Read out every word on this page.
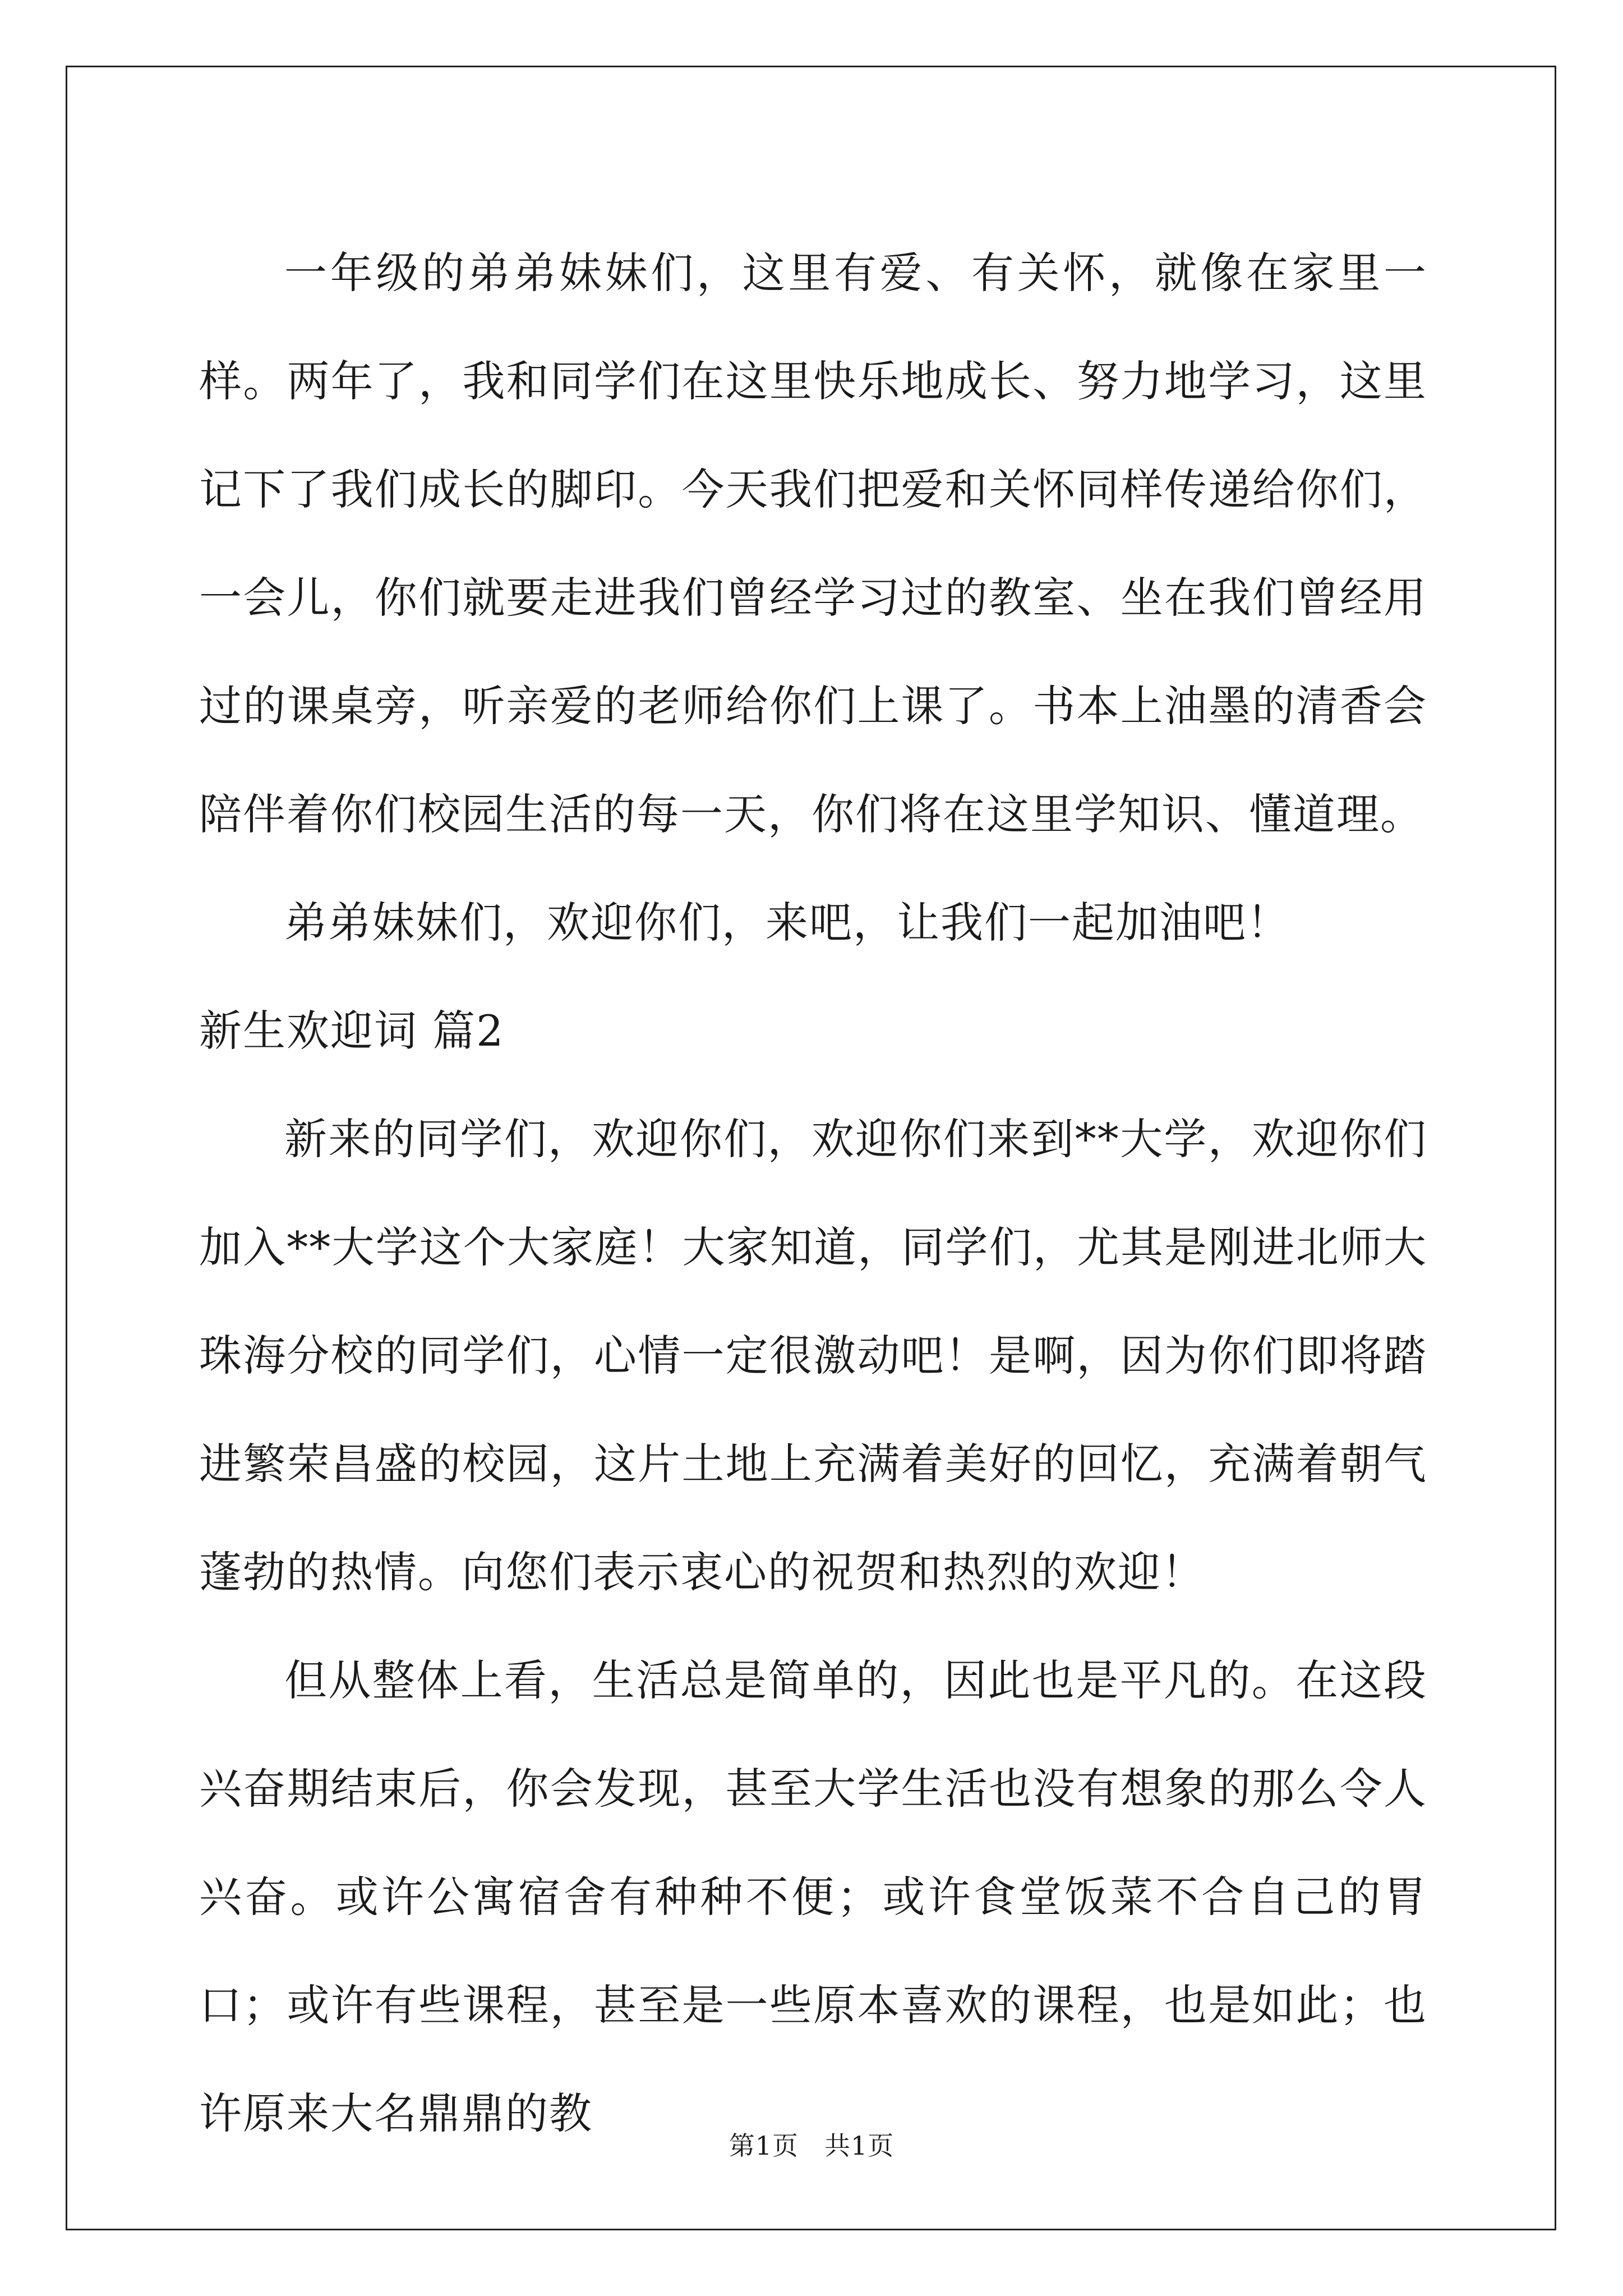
一年级的弟弟妹妹们，这里有爱、有关怀，就像在家里一样。两年了，我和同学们在这里快乐地成长、努力地学习，这里记下了我们成长的脚印。今天我们把爱和关怀同样传递给你们，一会儿，你们就要走进我们曾经学习过的教室、坐在我们曾经用过的课桌旁，听亲爱的老师给你们上课了。书本上油墨的清香会陪伴着你们校园生活的每一天，你们将在这里学知识、懂道理。

弟弟妹妹们，欢迎你们，来吧，让我们一起加油吧！

新生欢迎词 篇2

新来的同学们，欢迎你们，欢迎你们来到**大学，欢迎你们加入**大学这个大家庭！大家知道，同学们，尤其是刚进北师大珠海分校的同学们，心情一定很激动吧！是啊，因为你们即将踏进繁荣昌盛的校园，这片土地上充满着美好的回忆，充满着朝气蓬勃的热情。向您们表示衷心的祝贺和热烈的欢迎！

但从整体上看，生活总是简单的，因此也是平凡的。在这段兴奋期结束后，你会发现，甚至大学生活也没有想象的那么令人兴奋。或许公寓宿舍有种种不便；或许食堂饭菜不合自己的胃口；或许有些课程，甚至是一些原本喜欢的课程，也是如此；也许原来大名鼎鼎的教

第1页 共1页
